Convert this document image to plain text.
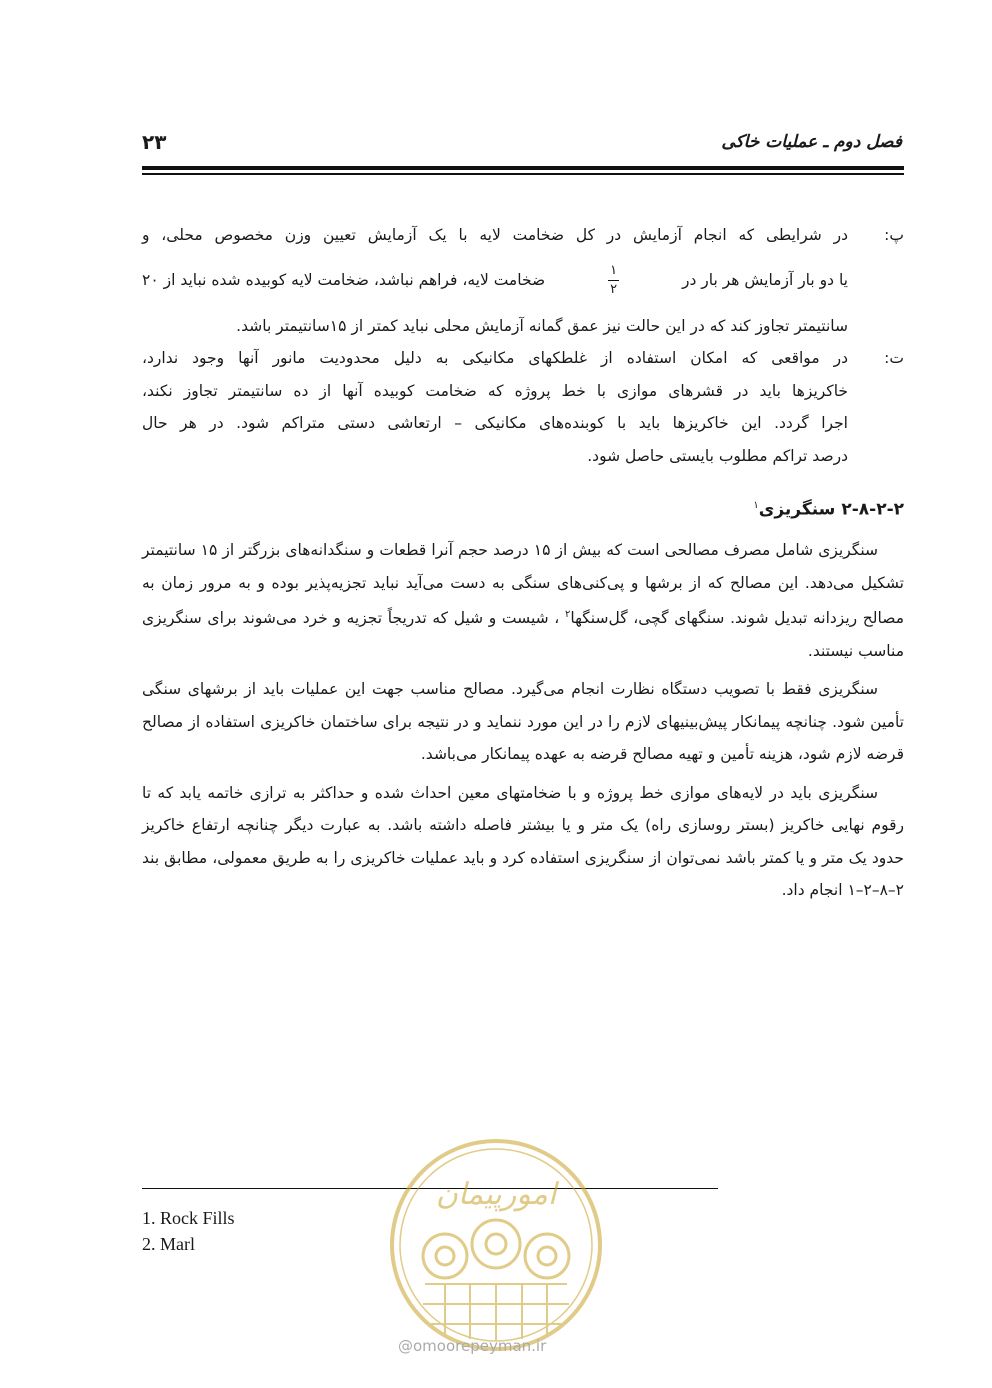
فصل دوم ـ عملیات خاکی
۲۳
پ:
در شرایطی که انجام آزمایش در کل ضخامت لایه با یک آزمایش تعیین وزن مخصوص محلی، و
یا دو بار آزمایش هر بار در
$\frac{۱}{۲}$
ضخامت لایه، فراهم نباشد، ضخامت لایه کوبیده شده نباید از ۲۰
سانتیمتر تجاوز کند که در این حالت نیز عمق گمانه آزمایش محلی نباید کمتر از ۱۵سانتیمتر باشد.
ت:
در مواقعی که امکان استفاده از غلطکهای مکانیکی به دلیل محدودیت مانور آنها وجود ندارد،
خاکریزها باید در قشرهای موازی با خط پروژه که ضخامت کوبیده آنها از ده سانتیمتر تجاوز نکند،
اجرا گردد. این خاکریزها باید با کوبنده‌های مکانیکی – ارتعاشی دستی متراکم شود. در هر حال
درصد تراکم مطلوب بایستی حاصل شود.
۲-۸-۲-۲ سنگریزی$^۱$

سنگریزی شامل مصرف مصالحی است که بیش از ۱۵ درصد حجم آنرا قطعات و سنگدانه‌های بزرگتر از ۱۵ سانتیمتر تشکیل می‌دهد. این مصالح که از برشها و پی‌کنی‌های سنگی به دست می‌آید نباید تجزیه‌پذیر بوده و به مرور زمان به مصالح ریزدانه تبدیل شوند. سنگهای گچی، گل‌سنگها$^۲$ ، شیست و شیل که تدریجاً تجزیه و خرد می‌شوند برای سنگریزی مناسب نیستند.

سنگریزی فقط با تصویب دستگاه نظارت انجام می‌گیرد. مصالح مناسب جهت این عملیات باید از برشهای سنگی تأمین شود. چنانچه پیمانکار پیش‌بینیهای لازم را در این مورد ننماید و در نتیجه برای ساختمان خاکریزی استفاده از مصالح قرضه لازم شود، هزینه تأمین و تهیه مصالح قرضه به عهده پیمانکار می‌باشد.

سنگریزی باید در لایه‌های موازی خط پروژه و با ضخامتهای معین احداث شده و حداکثر به ترازی خاتمه یابد که تا رقوم نهایی خاکریز (بستر روسازی راه) یک متر و یا بیشتر فاصله داشته باشد. به عبارت دیگر چنانچه ارتفاع خاکریز حدود یک متر و یا کمتر باشد نمی‌توان از سنگریزی استفاده کرد و باید عملیات خاکریزی را به طریق معمولی، مطابق بند ۲–۸–۲–۱ انجام داد.

1. Rock Fills
2. Marl
امورپیمان
@omoorepeyman.ir
